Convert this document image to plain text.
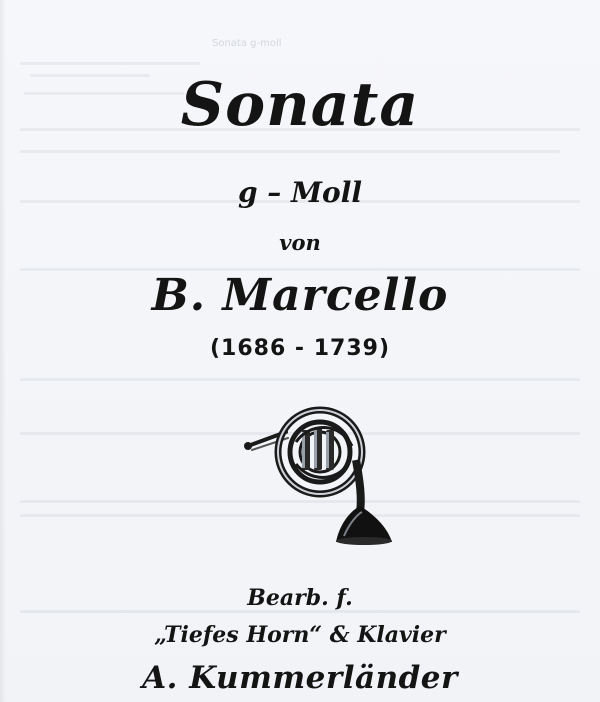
Sonata g-moll
Sonata
g – Moll
von
B. Marcello
(1686 - 1739)
Bearb. f.
„Tiefes Horn“ & Klavier
A. Kummerländer
